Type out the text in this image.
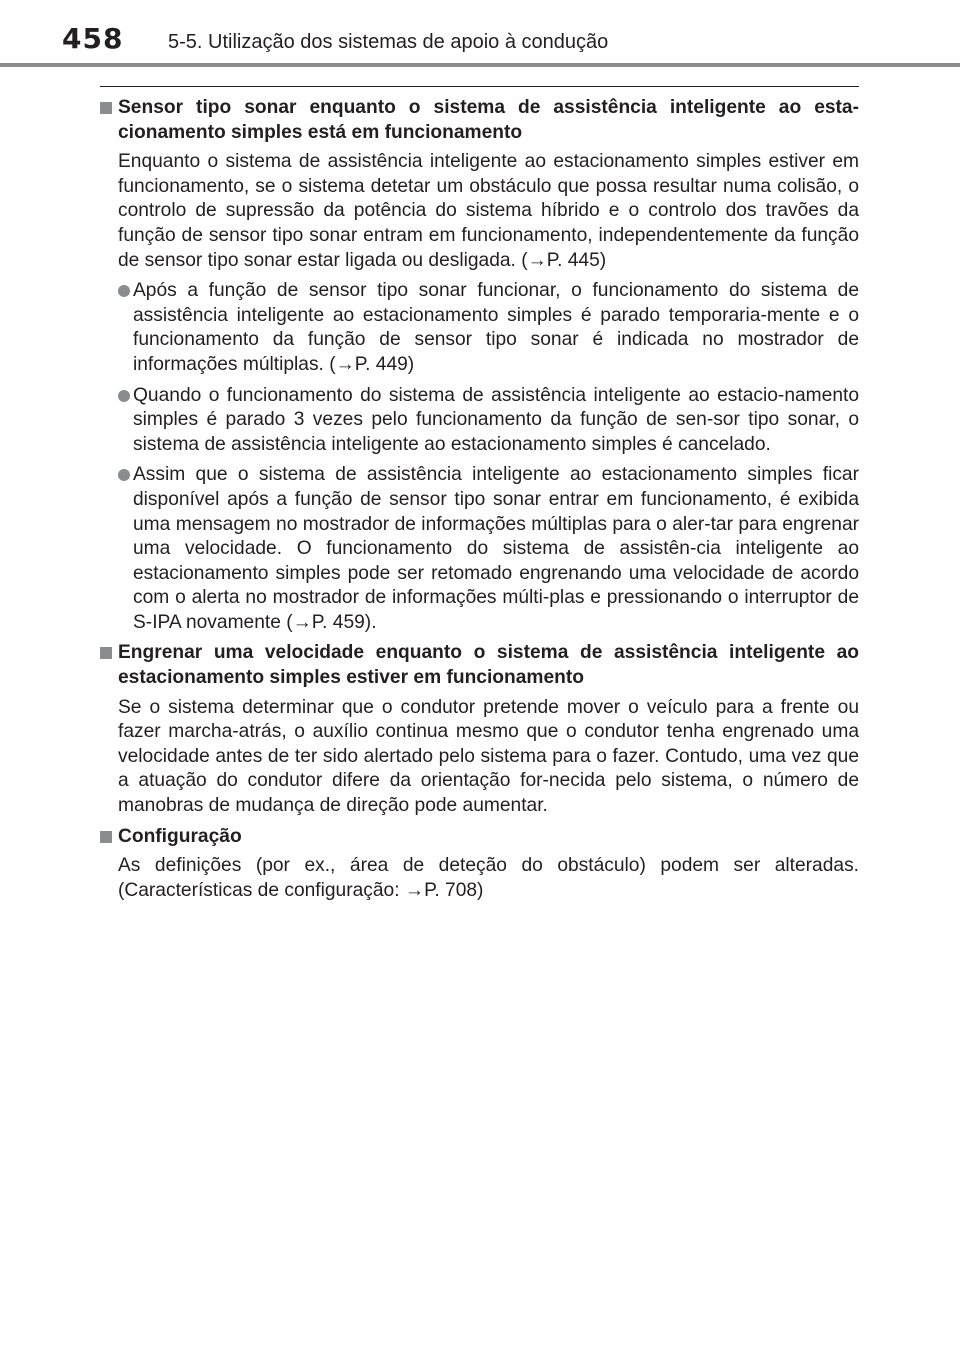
458 5-5. Utilização dos sistemas de apoio à condução
Sensor tipo sonar enquanto o sistema de assistência inteligente ao esta-cionamento simples está em funcionamento
Enquanto o sistema de assistência inteligente ao estacionamento simples estiver em funcionamento, se o sistema detetar um obstáculo que possa resultar numa colisão, o controlo de supressão da potência do sistema híbrido e o controlo dos travões da função de sensor tipo sonar entram em funcionamento, independentemente da função de sensor tipo sonar estar ligada ou desligada. (→P. 445)
Após a função de sensor tipo sonar funcionar, o funcionamento do sistema de assistência inteligente ao estacionamento simples é parado temporaria-mente e o funcionamento da função de sensor tipo sonar é indicada no mostrador de informações múltiplas. (→P. 449)
Quando o funcionamento do sistema de assistência inteligente ao estacio-namento simples é parado 3 vezes pelo funcionamento da função de sen-sor tipo sonar, o sistema de assistência inteligente ao estacionamento simples é cancelado.
Assim que o sistema de assistência inteligente ao estacionamento simples ficar disponível após a função de sensor tipo sonar entrar em funcionamento, é exibida uma mensagem no mostrador de informações múltiplas para o aler-tar para engrenar uma velocidade. O funcionamento do sistema de assistên-cia inteligente ao estacionamento simples pode ser retomado engrenando uma velocidade de acordo com o alerta no mostrador de informações múlti-plas e pressionando o interruptor de S-IPA novamente (→P. 459).
Engrenar uma velocidade enquanto o sistema de assistência inteligente ao estacionamento simples estiver em funcionamento
Se o sistema determinar que o condutor pretende mover o veículo para a frente ou fazer marcha-atrás, o auxílio continua mesmo que o condutor tenha engrenado uma velocidade antes de ter sido alertado pelo sistema para o fazer. Contudo, uma vez que a atuação do condutor difere da orientação for-necida pelo sistema, o número de manobras de mudança de direção pode aumentar.
Configuração
As definições (por ex., área de deteção do obstáculo) podem ser alteradas. (Características de configuração: →P. 708)
